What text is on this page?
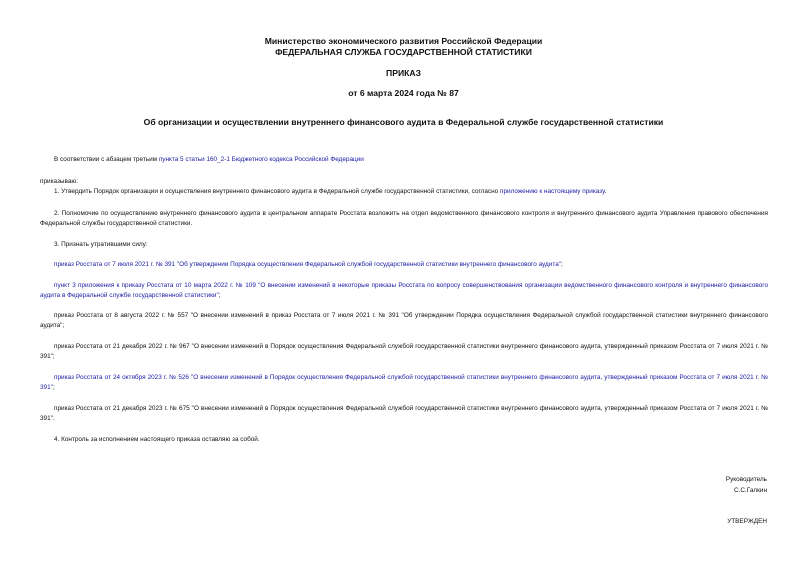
Министерство экономического развития Российской Федерации
ФЕДЕРАЛЬНАЯ СЛУЖБА ГОСУДАРСТВЕННОЙ СТАТИСТИКИ
ПРИКАЗ
от 6 марта 2024 года № 87
Об организации и осуществлении внутреннего финансового аудита в Федеральной службе государственной статистики
В соответствии с абзацем третьим пункта 5 статьи 160_2-1 Бюджетного кодекса Российской Федерации
приказываю:
1. Утвердить Порядок организации и осуществления внутреннего финансового аудита в Федеральной службе государственной статистики, согласно приложению к настоящему приказу.
2. Полномочие по осуществлению внутреннего финансового аудита в центральном аппарате Росстата возложить на отдел ведомственного финансового контроля и внутреннего финансового аудита Управления правового обеспечения Федеральной службы государственной статистики.
3. Признать утратившими силу:
приказ Росстата от 7 июля 2021 г. № 391 "Об утверждении Порядка осуществления Федеральной службой государственной статистики внутреннего финансового аудита";
пункт 3 приложения к приказу Росстата от 10 марта 2022 г. № 109 "О внесении изменений в некоторые приказы Росстата по вопросу совершенствования организации ведомственного финансового контроля и внутреннего финансового аудита в Федеральной службе государственной статистики";
приказ Росстата от 8 августа 2022 г. № 557 "О внесении изменений в приказ Росстата от 7 июля 2021 г. № 391 "Об утверждении Порядка осуществления Федеральной службой государственной статистики внутреннего финансового аудита";
приказ Росстата от 21 декабря 2022 г. № 967 "О внесении изменений в Порядок осуществления Федеральной службой государственной статистики внутреннего финансового аудита, утвержденный приказом Росстата от 7 июля 2021 г. № 391";
приказ Росстата от 24 октября 2023 г. № 526 "О внесении изменений в Порядок осуществления Федеральной службой государственной статистики внутреннего финансового аудита, утвержденный приказом Росстата от 7 июля 2021 г. № 391";
приказ Росстата от 21 декабря 2023 г. № 675 "О внесении изменений в Порядок осуществления Федеральной службой государственной статистики внутреннего финансового аудита, утвержденный приказом Росстата от 7 июля 2021 г. № 391".
4. Контроль за исполнением настоящего приказа оставляю за собой.
Руководитель
С.С.Галкин
УТВЕРЖДЕН
